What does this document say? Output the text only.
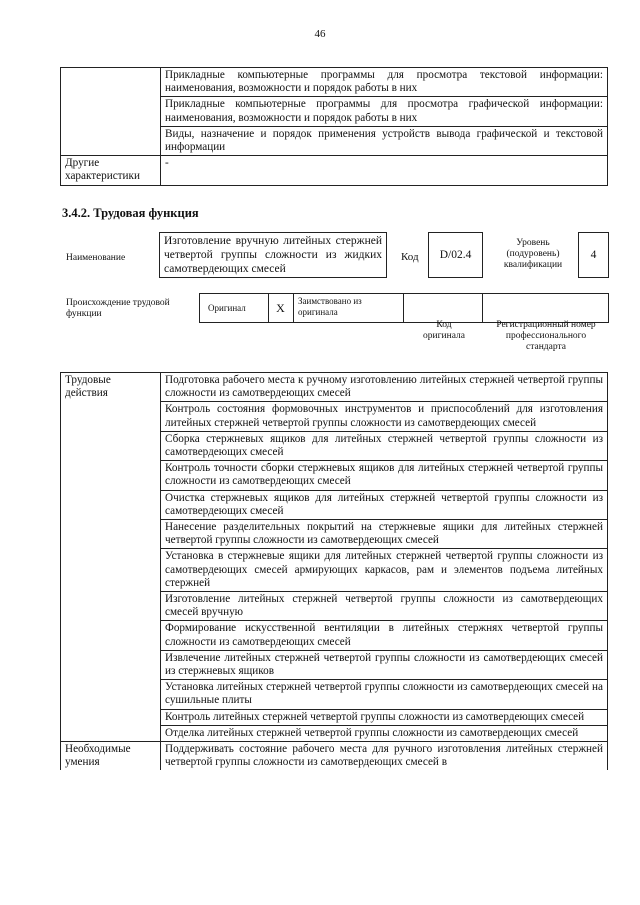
46
	Прикладные компьютерные программы для просмотра текстовой информации: наименования, возможности и порядок работы в них
	Прикладные компьютерные программы для просмотра графической информации: наименования, возможности и порядок работы в них
	Виды, назначение и порядок применения устройств вывода графической и текстовой информации
Другие характеристики	-
3.4.2. Трудовая функция
Наименование
Изготовление вручную литейных стержней четвертой группы сложности из жидких самотвердеющих смесей
Код	D/02.4
Уровень (подуровень) квалификации
4
Происхождение трудовой функции
Оригинал	X	Заимствовано из оригинала
Код оригинала
Регистрационный номер профессионального стандарта
Трудовые действия	Подготовка рабочего места к ручному изготовлению литейных стержней четвертой группы сложности из самотвердеющих смесей
	Контроль состояния формовочных инструментов и приспособлений для изготовления литейных стержней четвертой группы сложности из самотвердеющих смесей
	Сборка стержневых ящиков для литейных стержней четвертой группы сложности из самотвердеющих смесей
	Контроль точности сборки стержневых ящиков для литейных стержней четвертой группы сложности из самотвердеющих смесей
	Очистка стержневых ящиков для литейных стержней четвертой группы сложности из самотвердеющих смесей
	Нанесение разделительных покрытий на стержневые ящики для литейных стержней четвертой группы сложности из самотвердеющих смесей
	Установка в стержневые ящики для литейных стержней четвертой группы сложности из самотвердеющих смесей армирующих каркасов, рам и элементов подъема литейных стержней
	Изготовление литейных стержней четвертой группы сложности из самотвердеющих смесей вручную
	Формирование искусственной вентиляции в литейных стержнях четвертой группы сложности из самотвердеющих смесей
	Извлечение литейных стержней четвертой группы сложности из самотвердеющих смесей из стержневых ящиков
	Установка литейных стержней четвертой группы сложности из самотвердеющих смесей на сушильные плиты
	Контроль литейных стержней четвертой группы сложности из самотвердеющих смесей
	Отделка литейных стержней четвертой группы сложности из самотвердеющих смесей
Необходимые умения	Поддерживать состояние рабочего места для ручного изготовления литейных стержней четвертой группы сложности из самотвердеющих смесей в
